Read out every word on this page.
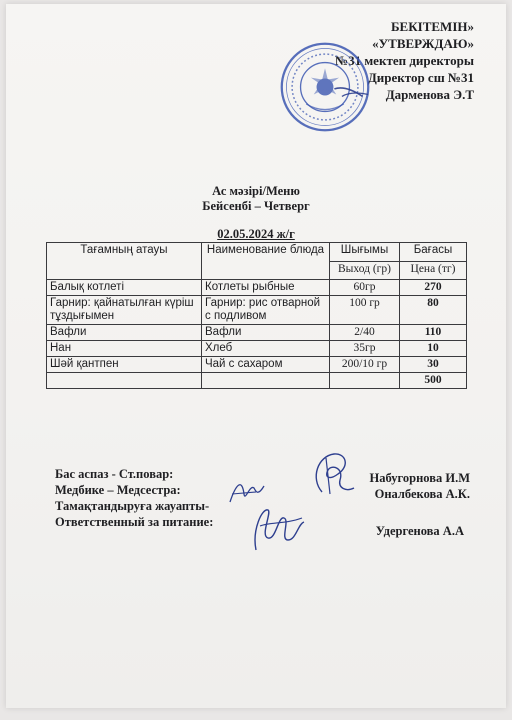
БЕКІТЕМІН»
«УТВЕРЖДАЮ»
№31 мектеп директоры
Директор сш №31
Дарменова Э.Т
Ас мәзірі/Меню
Бейсенбі – Четверг
02.05.2024 ж/г
Тағамның атауы	Наименование блюда	Шығымы	Бағасы
		Выход (гр)	Цена (тг)
Балық котлеті	Котлеты рыбные	60гр	270
Гарнир: қайнатылған күріш тұздығымен	Гарнир: рис отварной с подливом	100 гр	80
Вафли	Вафли	2/40	110
Нан	Хлеб	35гр	10
Шәй қантпен	Чай с сахаром	200/10 гр	30
			500
Бас аспаз - Ст.повар:
Медбике – Медсестра:
Тамақтандыруға жауапты-
Ответственный за питание:
Набугорнова И.М
Оналбекова А.К.
Удергенова А.А
